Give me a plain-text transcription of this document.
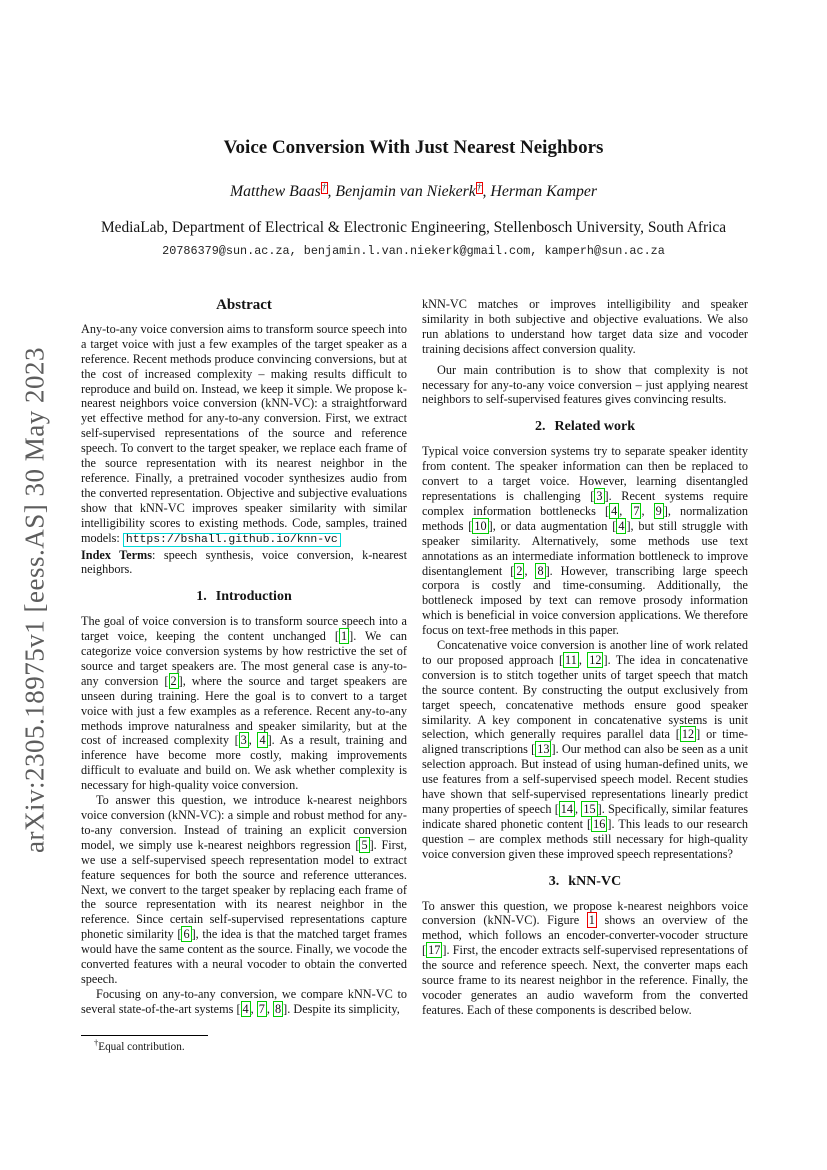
arXiv:2305.18975v1 [eess.AS] 30 May 2023
Voice Conversion With Just Nearest Neighbors
Matthew Baas†, Benjamin van Niekerk†, Herman Kamper
MediaLab, Department of Electrical & Electronic Engineering, Stellenbosch University, South Africa
20786379@sun.ac.za, benjamin.l.van.niekerk@gmail.com, kamperh@sun.ac.za
Abstract

Any-to-any voice conversion aims to transform source speech into a target voice with just a few examples of the target speaker as a reference. Recent methods produce convincing conversions, but at the cost of increased complexity – making results difficult to reproduce and build on. Instead, we keep it simple. We propose k-nearest neighbors voice conversion (kNN-VC): a straightforward yet effective method for any-to-any conversion. First, we extract self-supervised representations of the source and reference speech. To convert to the target speaker, we replace each frame of the source representation with its nearest neighbor in the reference. Finally, a pretrained vocoder synthesizes audio from the converted representation. Objective and subjective evaluations show that kNN-VC improves speaker similarity with similar intelligibility scores to existing methods. Code, samples, trained models: https://bshall.github.io/knn-vc

Index Terms: speech synthesis, voice conversion, k-nearest neighbors.

1. Introduction

The goal of voice conversion is to transform source speech into a target voice, keeping the content unchanged [ 1 ]. We can categorize voice conversion systems by how restrictive the set of source and target speakers are. The most general case is any-to-any conversion [ 2 ], where the source and target speakers are unseen during training. Here the goal is to convert to a target voice with just a few examples as a reference. Recent any-to-any methods improve naturalness and speaker similarity, but at the cost of increased complexity [ 3 , 4 ]. As a result, training and inference have become more costly, making improvements difficult to evaluate and build on. We ask whether complexity is necessary for high-quality voice conversion.

To answer this question, we introduce k-nearest neighbors voice conversion (kNN-VC): a simple and robust method for any-to-any conversion. Instead of training an explicit conversion model, we simply use k-nearest neighbors regression [ 5 ]. First, we use a self-supervised speech representation model to extract feature sequences for both the source and reference utterances. Next, we convert to the target speaker by replacing each frame of the source representation with its nearest neighbor in the reference. Since certain self-supervised representations capture phonetic similarity [ 6 ], the idea is that the matched target frames would have the same content as the source. Finally, we vocode the converted features with a neural vocoder to obtain the converted speech.

Focusing on any-to-any conversion, we compare kNN-VC to several state-of-the-art systems [ 4 , 7 , 8 ]. Despite its simplicity,

†Equal contribution.

kNN-VC matches or improves intelligibility and speaker similarity in both subjective and objective evaluations. We also run ablations to understand how target data size and vocoder training decisions affect conversion quality.

Our main contribution is to show that complexity is not necessary for any-to-any voice conversion – just applying nearest neighbors to self-supervised features gives convincing results.

2. Related work

Typical voice conversion systems try to separate speaker identity from content. The speaker information can then be replaced to convert to a target voice. However, learning disentangled representations is challenging [ 3 ]. Recent systems require complex information bottlenecks [ 4 , 7 , 9 ], normalization methods [ 10 ], or data augmentation [ 4 ], but still struggle with speaker similarity. Alternatively, some methods use text annotations as an intermediate information bottleneck to improve disentanglement [ 2 , 8 ]. However, transcribing large speech corpora is costly and time-consuming. Additionally, the bottleneck imposed by text can remove prosody information which is beneficial in voice conversion applications. We therefore focus on text-free methods in this paper.

Concatenative voice conversion is another line of work related to our proposed approach [ 11 , 12 ]. The idea in concatenative conversion is to stitch together units of target speech that match the source content. By constructing the output exclusively from target speech, concatenative methods ensure good speaker similarity. A key component in concatenative systems is unit selection, which generally requires parallel data [ 12 ] or time-aligned transcriptions [ 13 ]. Our method can also be seen as a unit selection approach. But instead of using human-defined units, we use features from a self-supervised speech model. Recent studies have shown that self-supervised representations linearly predict many properties of speech [ 14 , 15 ]. Specifically, similar features indicate shared phonetic content [ 16 ]. This leads to our research question – are complex methods still necessary for high-quality voice conversion given these improved speech representations?

3. kNN-VC

To answer this question, we propose k-nearest neighbors voice conversion (kNN-VC). Figure 1 shows an overview of the method, which follows an encoder-converter-vocoder structure [ 17 ]. First, the encoder extracts self-supervised representations of the source and reference speech. Next, the converter maps each source frame to its nearest neighbor in the reference. Finally, the vocoder generates an audio waveform from the converted features. Each of these components is described below.
